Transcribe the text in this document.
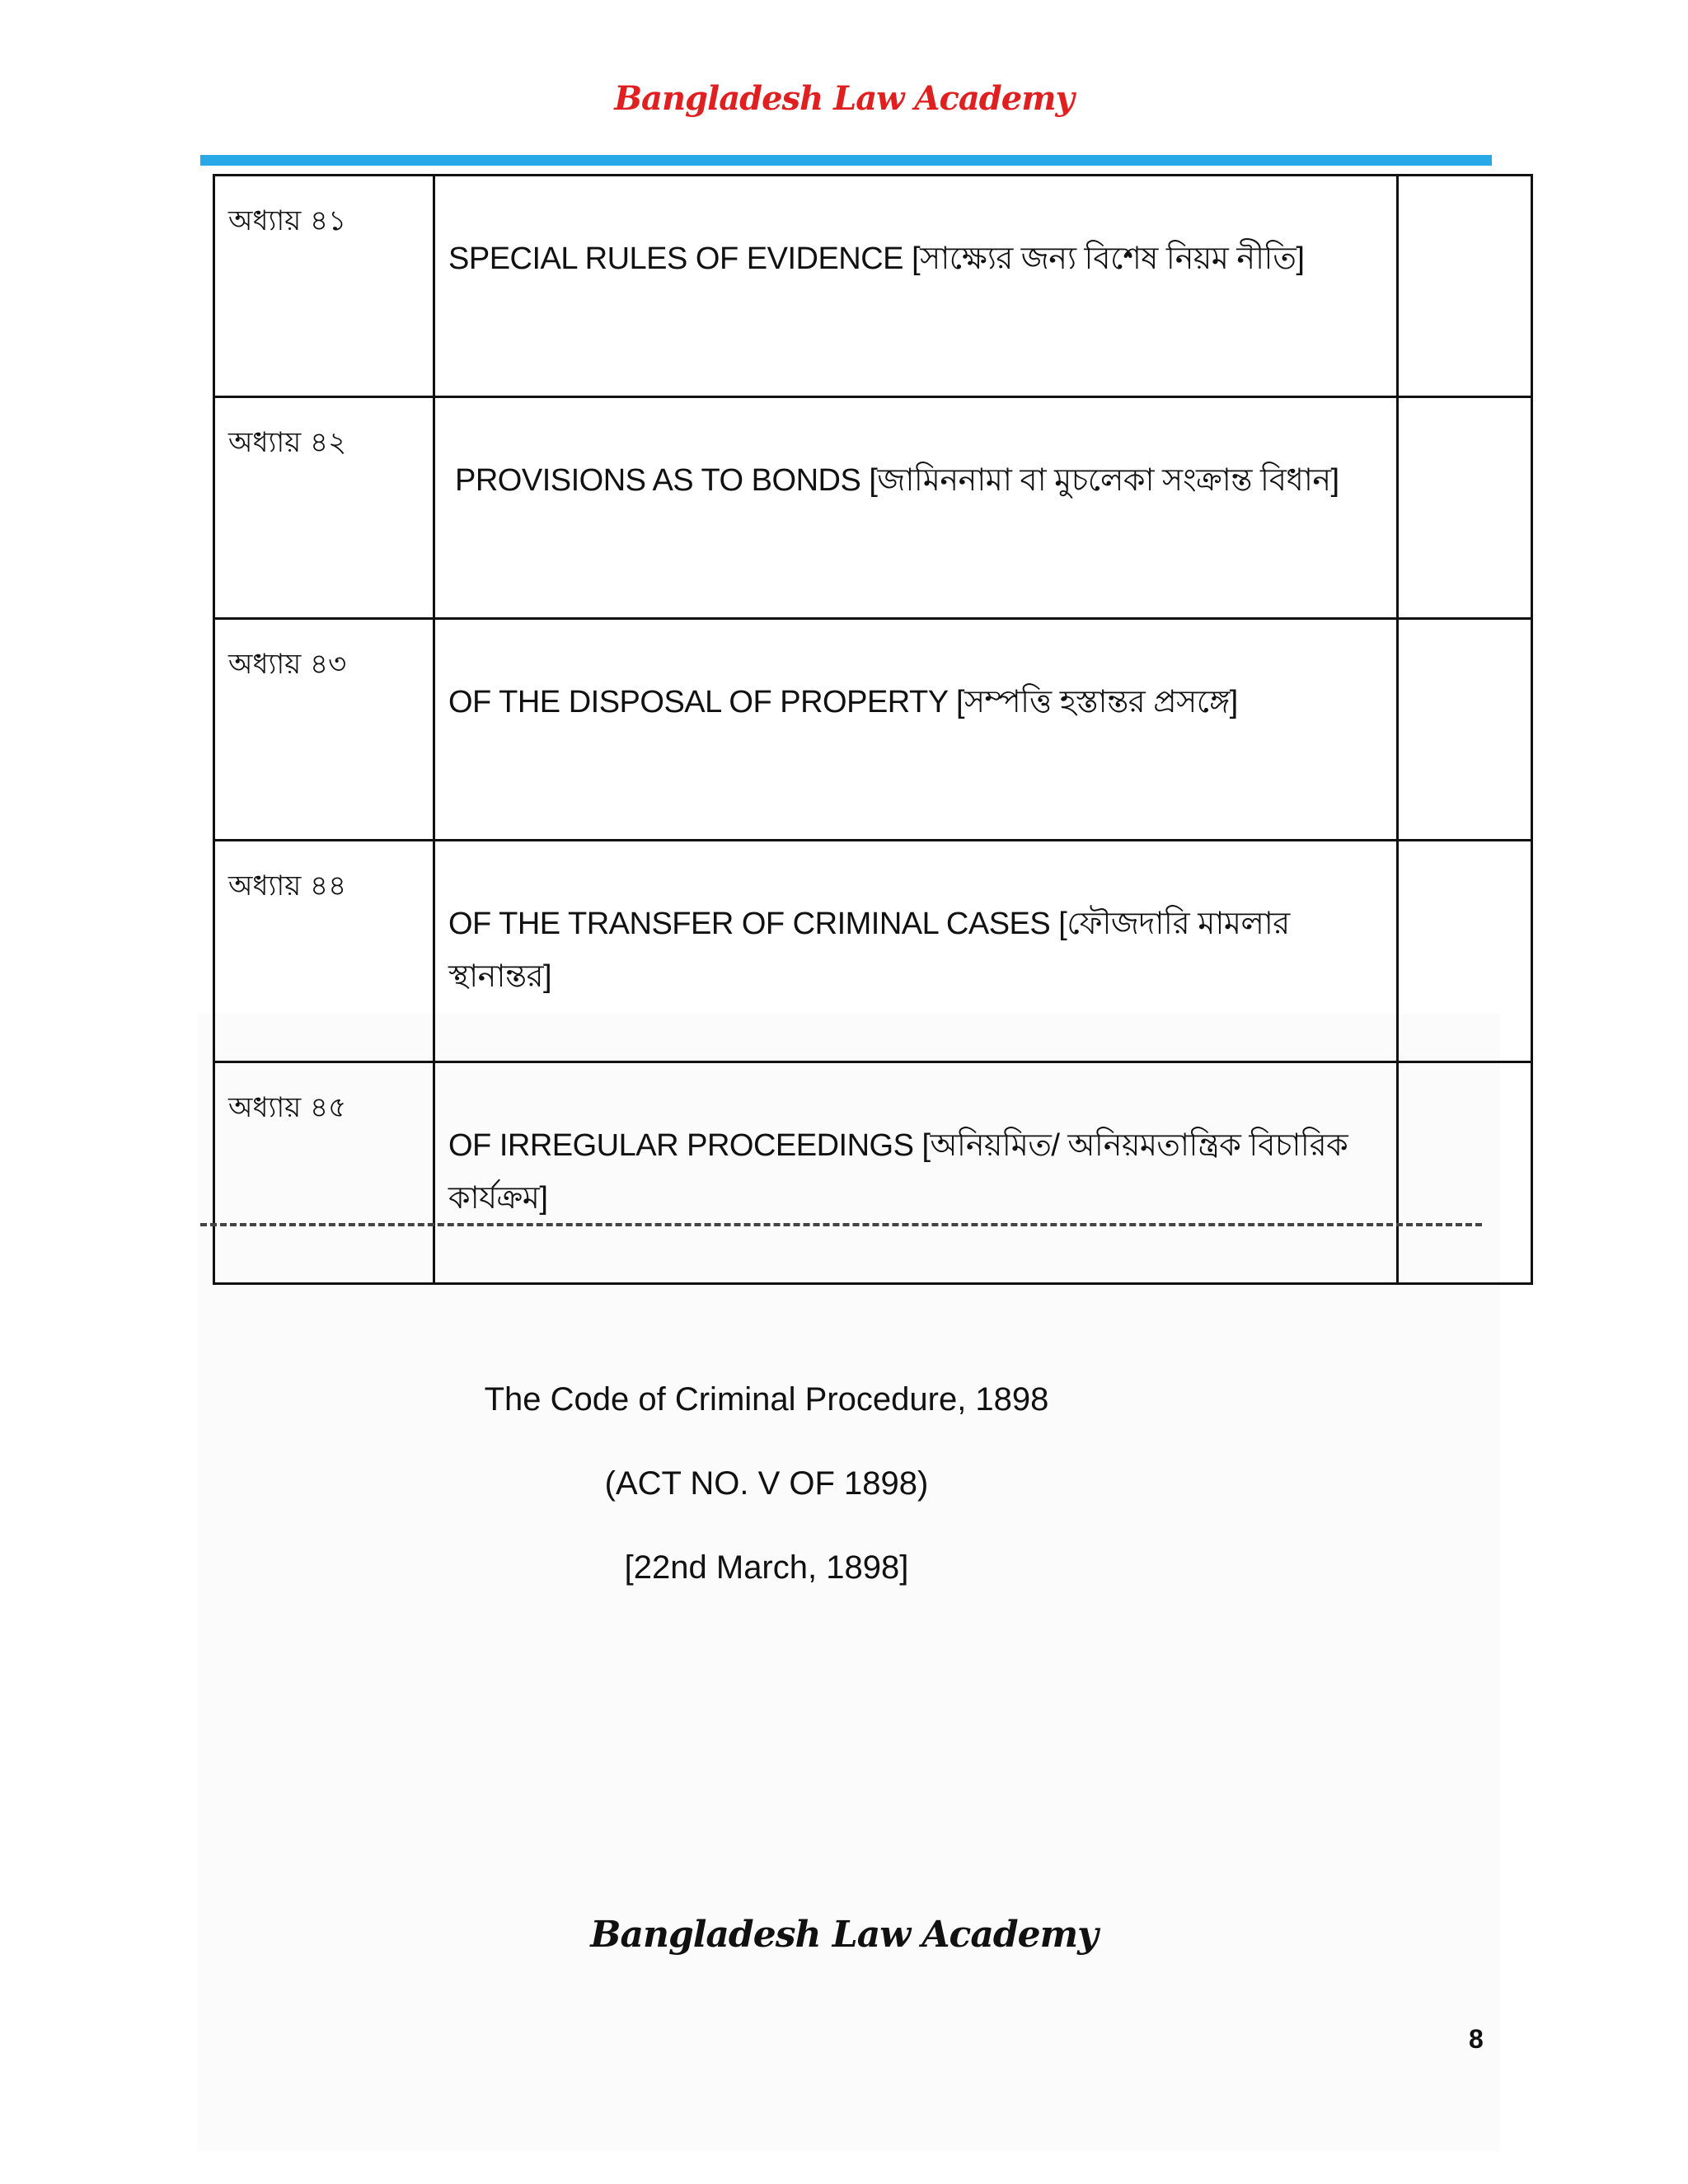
Bangladesh Law Academy
অধ্যায় ৪১	SPECIAL RULES OF EVIDENCE [সাক্ষ্যের জন্য বিশেষ নিয়ম নীতি]	
অধ্যায় ৪২	PROVISIONS AS TO BONDS [জামিননামা বা মুচলেকা সংক্রান্ত বিধান]	
অধ্যায় ৪৩	OF THE DISPOSAL OF PROPERTY [সম্পত্তি হস্তান্তর প্রসঙ্গে]	
অধ্যায় ৪৪	OF THE TRANSFER OF CRIMINAL CASES [ফৌজদারি মামলার স্থানান্তর]	
অধ্যায় ৪৫	OF IRREGULAR PROCEEDINGS [অনিয়মিত/ অনিয়মতান্ত্রিক বিচারিক কার্যক্রম]	
The Code of Criminal Procedure, 1898
(ACT NO. V OF 1898)
[22nd March, 1898]
Bangladesh Law Academy
8
